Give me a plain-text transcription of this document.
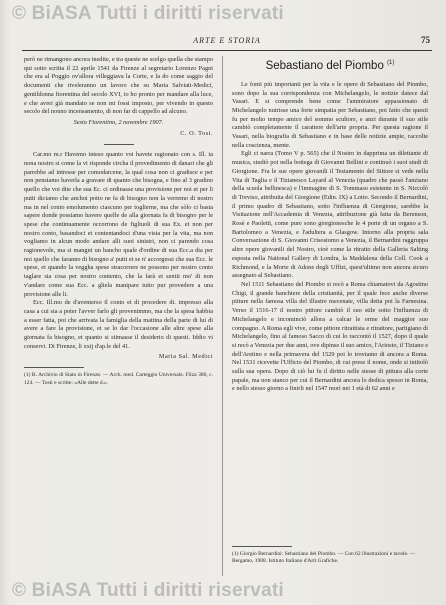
© BiASA Tutti i diritti riservati
ARTE E STORIA	75

però ne rimangono ancora inedite, e tra queste ne scelgo quella che stampo qui sotto scritta il 22 aprile 1541 da Firenze al segretario Lorenzo Pagni che era al Poggio ov'allora villeggiava la Corte, e la do come saggio del documenti che riveleranno un lavoro che su Maria Salviati-Medici, gentildonna fiorentina del secolo XVI, io ho pronto per mandare alla luce, e che avrei già mandato se non mi fossi imposto, per vivendo in questo secolo del nonno incensamento, di non far di cappello ad alcuno.

Sesto Fiorentino, 2 novembre 1907.

C. O. Tosi.

Car.mo m.r Havemo inteso quanto voi havete ragionato con s. Ill. ta nona nostro si come la vi risponde circha il provedimento di danari che gli parrebbe ad intresse per comodarcene, la qual cosa non ci gradisce e per non pensiamo haverla a gravare di quanto che bisogna, e fino al 3 gradino quello che voi dite che sua Ec. ci ordinasse una provisione per noi et per li putti diciamo che anchoi potto ne fa di bisogno non la verremo di nostro ma in nel conto emolumento ciascuno per toglierne, ma che sòlo ci basta sapere donde possiamo havere quelle de alla giornata fa di bisogno per le spese che continuamente occorrono de figliuoli di sua Ex. et non per nostro conto, basandoci et contentandoci d'una vista per la vita, ma non vogliamo in alcun modo andare alli suoi sinistri, non ci parendo cosa ragionevole, ma si mangni un bancho quale d'ordine di sua Ecc.a dia per noi quello che faranno di bisogno a' putti et se n' accorgessi che sua Ecc. le spese, et quando la veggha spese stracorrere ne possono per nostro conto taglare sia cosa per nostro contento, che la farà et sentii mo' di non v'andare come sua Ecc. a gliela manipare tutto pur provedere a una provisione alle li.

Ecc. Ill.mo de d'aventerso il conto et di procedere di. impresso alla casa a cui sia a poter l'avver farlo gli provenimmo, ma che la spesa habbia a esser fatta, poi che arrivata la famiglia della mattina della parte di lui di avere a fare la provisione, et se lo dar l'occasione alle altre spese alla giornata fa bisogno, et quanto si stimasse il desiderio di questi. Iddio vi conservi. Di Firenze, li xxij d'ap.le del 41.

Maria Sal. Medici

(1) R. Archivio di Stato in Firenze. — Arch. med. Carteggio Universale. Filza 380, c. 124. — Tosti e scritte: «Alle dette d.».

Sebastiano del Piombo $^{(1)}$

Le fonti più importanti per la vita e le opere di Sebastiano del Piombo, sono dopo la sua corrispondenza con Michelangelo, le notizie datece dal Vasari. E si comprende bene come l'ammiratore appassionato di Michelangelo nutrisse una forte simpatia per Sebastiano, poi fatto che questi fu per molto tempo amico del sommo scultore, e anzi durante il suo stile cambiò completamente il carattere dell'arte propria. Per questa ragione il Vasari, nella biografia di Sebastiano e in base delle notizie ampie, raccolte nella coscienza, mente.

Egli ci narra (Tomo V p. 565) che il Nostro in dapprima un dilettante di musica, studiò poi nella bottega di Giovanni Bellini e continuò i suoi studi di Giorgione. Fra le sue opere giovanili il Testamento del Sittore si vede nella Vita di Taglia e il Tizianesco Layard al Venezia (quadro che passò l'anziano della scuola bellinesca) e l'immagine di S. Tommaso esistente in S. Niccolò di Treviso, attribuita del Giorgione (Edin. IX) a Lotto. Secondo il Bernardini, il primo quadro di Sebastiano, sotto l'influenza di Giorgione, sarebbe la Visitazione nell'Accademia di Venezia, attribuzione già fatta da Berenson, Rosé e Paoletti, come pure sono giorgionesche le 4 porte di un organo a S. Bartolomeo a Venezia, e l'adultera a Glasgow. Intorno alla propria sala Conversazione di S. Giovanni Crisostomo a Venezia, il Bernardini raggruppa altre opere giovanili del Nostro, cioè come la ritratto della Galleria Salting esposta nella National Gallery di Londra, la Maddalena della Coll. Cook a Richmond, e la Morte di Adone degli Uffizi, quest'ultimo non ancora sicuro assegnato al Sebastiano.

Nel 1511 Sebastiano del Piombo si recò a Roma chiamatovi da Agostino Chigi, il grande banchiere della cristianità, per il quale fece anche diverse pitture nella famosa villa del illustre mecenate, villa detta poi la Farnesina. Verso il 1516-17 il nostro pittore cambiò il suo stile sotto l'influenza di Michelangelo e incominciò allora a calcar le orme del maggior suo compagno. A Roma egli vive, come pittore ritrattista e ritrattore, partigiano di Michelangelo, fino al famoso Sacco di cui lo raccontò il 1527, dopo il quale si recò a Venezia per due anni, ove dipinse il suo amico, l'Ariosto, il Tiziano e dell'Aretino e nella primavera del 1529 poi lo troviamo di ancora a Roma. Nel 1531 ricevette l'Ufficio del Piombo, di cui prese il nome, onde si intitolò sulla sua opera. Dopo di ciò lui fu il diritto nelle stesse di pittura alla corte papale, ma non stanco per cui il Bernardini ancora lo dedica spesso in Roma, e nello stesso giorno a finirli nel 1547 morì nei 1 età di 62 anni e

(1) Giorgio Bernardini: Sebastiano del Piombo. — Con 62 illustrazioni e tavole. — Bergamo, 1908. Istituto Italiano d'Arti Grafiche.

© BiASA Tutti i diritti riservati
